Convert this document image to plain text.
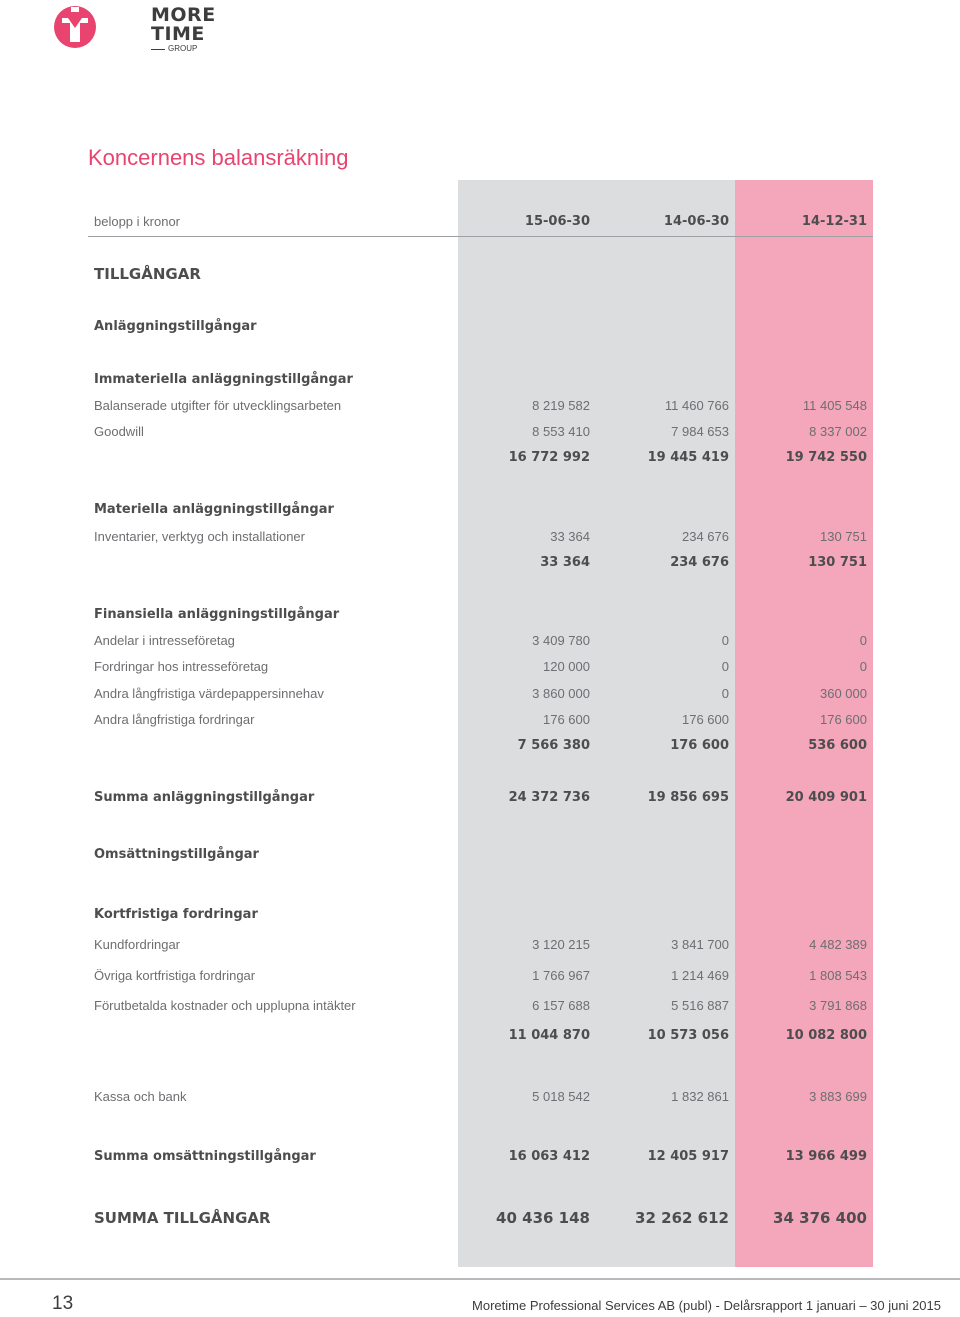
MORE
TIME
GROUP
Koncernens balansräkning
belopp i kronor	15-06-30	14-06-30	14-12-31
TILLGÅNGAR
Anläggningstillgångar
Immateriella anläggningstillgångar
Balanserade utgifter för utvecklingsarbeten	8 219 582	11 460 766	11 405 548
Goodwill	8 553 410	7 984 653	8 337 002
16 772 992	19 445 419	19 742 550
Materiella anläggningstillgångar
Inventarier, verktyg och installationer	33 364	234 676	130 751
33 364	234 676	130 751
Finansiella anläggningstillgångar
Andelar i intresseföretag	3 409 780	0	0
Fordringar hos intresseföretag	120 000	0	0
Andra långfristiga värdepappersinnehav	3 860 000	0	360 000
Andra långfristiga fordringar	176 600	176 600	176 600
7 566 380	176 600	536 600
Summa anläggningstillgångar	24 372 736	19 856 695	20 409 901
Omsättningstillgångar
Kortfristiga fordringar
Kundfordringar	3 120 215	3 841 700	4 482 389
Övriga kortfristiga fordringar	1 766 967	1 214 469	1 808 543
Förutbetalda kostnader och upplupna intäkter	6 157 688	5 516 887	3 791 868
11 044 870	10 573 056	10 082 800
Kassa och bank	5 018 542	1 832 861	3 883 699
Summa omsättningstillgångar	16 063 412	12 405 917	13 966 499
SUMMA TILLGÅNGAR	40 436 148	32 262 612	34 376 400
13	Moretime Professional Services AB (publ) - Delårsrapport 1 januari – 30 juni 2015
